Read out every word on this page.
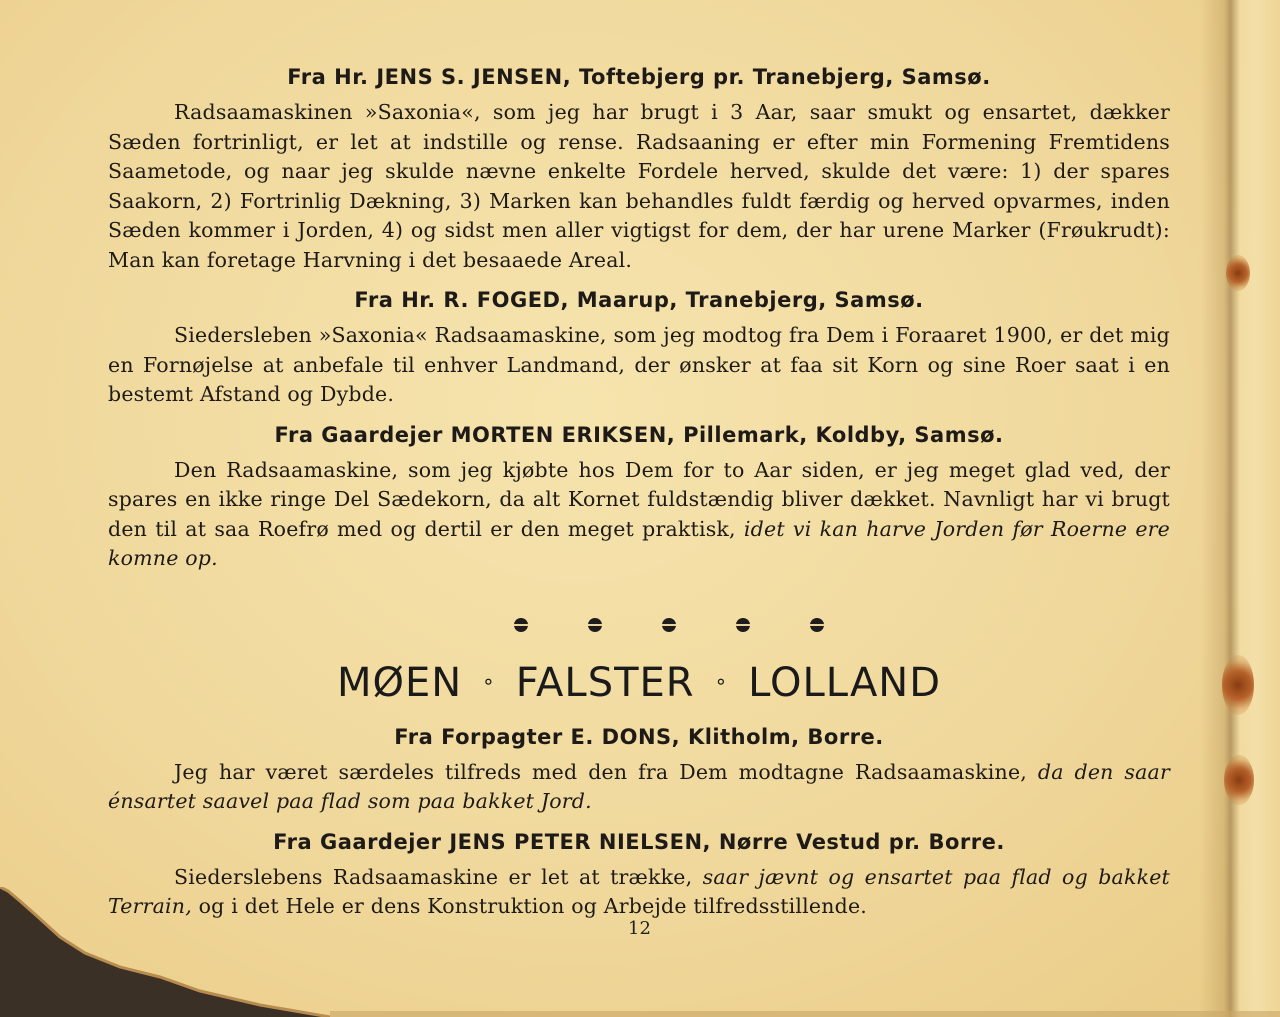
Fra Hr. JENS S. JENSEN, Toftebjerg pr. Tranebjerg, Samsø.

Radsaamaskinen »Saxonia«, som jeg har brugt i 3 Aar, saar smukt og ensartet, dækker Sæden fortrinligt, er let at indstille og rense. Radsaaning er efter min Formening Fremtidens Saametode, og naar jeg skulde nævne enkelte Fordele herved, skulde det være: 1) der spares Saakorn, 2) Fortrinlig Dækning, 3) Marken kan behandles fuldt færdig og herved opvarmes, inden Sæden kommer i Jorden, 4) og sidst men aller vigtigst for dem, der har urene Marker (Frøukrudt): Man kan foretage Harvning i det besaaede Areal.

Fra Hr. R. FOGED, Maarup, Tranebjerg, Samsø.

Siedersleben »Saxonia« Radsaamaskine, som jeg modtog fra Dem i Foraaret 1900, er det mig en Fornøjelse at anbefale til enhver Landmand, der ønsker at faa sit Korn og sine Roer saat i en bestemt Afstand og Dybde.

Fra Gaardejer MORTEN ERIKSEN, Pillemark, Koldby, Samsø.

Den Radsaamaskine, som jeg kjøbte hos Dem for to Aar siden, er jeg meget glad ved, der spares en ikke ringe Del Sædekorn, da alt Kornet fuldstændig bliver dækket. Navnligt har vi brugt den til at saa Roefrø med og dertil er den meget praktisk, idet vi kan harve Jorden før Roerne ere komne op.

MØEN ∘ FALSTER ∘ LOLLAND

Fra Forpagter E. DONS, Klitholm, Borre.

Jeg har været særdeles tilfreds med den fra Dem modtagne Radsaamaskine, da den saar énsartet saavel paa flad som paa bakket Jord.

Fra Gaardejer JENS PETER NIELSEN, Nørre Vestud pr. Borre.

Siederslebens Radsaamaskine er let at trække, saar jævnt og ensartet paa flad og bakket Terrain, og i det Hele er dens Konstruktion og Arbejde tilfredsstillende.

12
